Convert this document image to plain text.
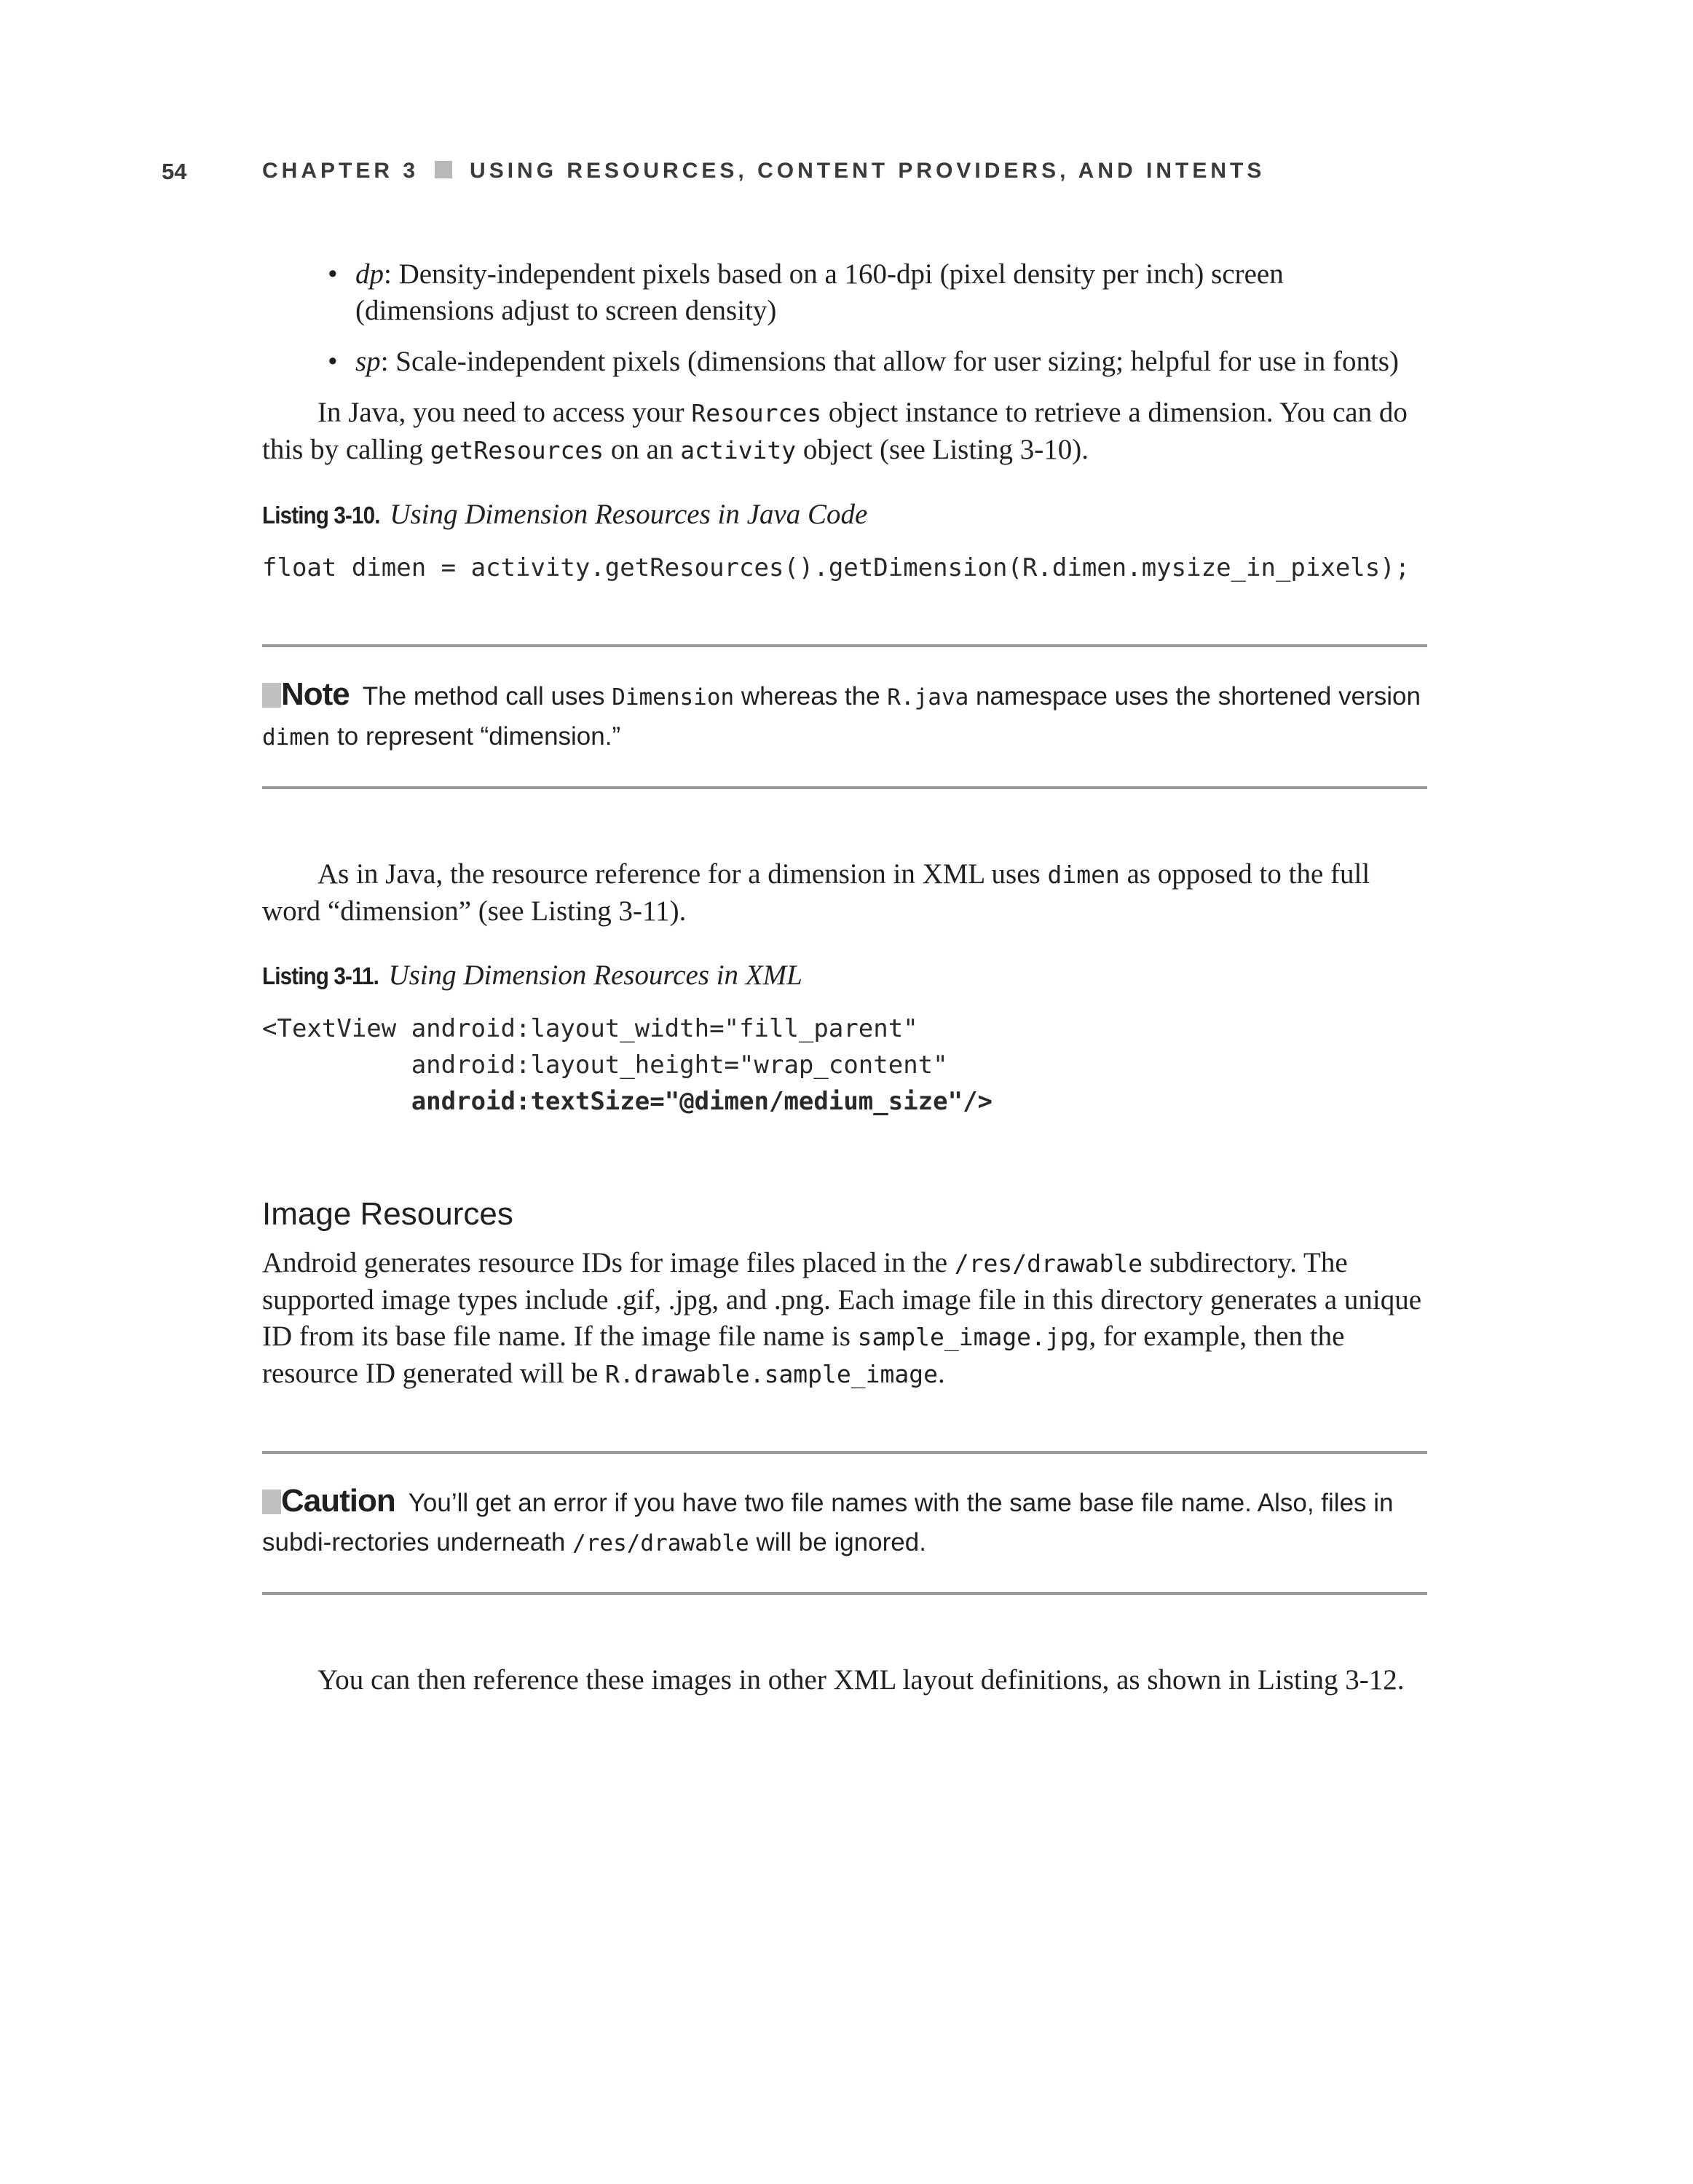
54	CHAPTER 3 USING RESOURCES, CONTENT PROVIDERS, AND INTENTS
• dp: Density-independent pixels based on a 160-dpi (pixel density per inch) screen (dimensions adjust to screen density)
• sp: Scale-independent pixels (dimensions that allow for user sizing; helpful for use in fonts)

In Java, you need to access your Resources object instance to retrieve a dimension. You can do this by calling getResources on an activity object (see Listing 3-10).

Listing 3-10. Using Dimension Resources in Java Code
float dimen = activity.getResources().getDimension(R.dimen.mysize_in_pixels);
Note The method call uses Dimension whereas the R.java namespace uses the shortened version dimen to represent “dimension.”

As in Java, the resource reference for a dimension in XML uses dimen as opposed to the full word “dimension” (see Listing 3-11).

Listing 3-11. Using Dimension Resources in XML
<TextView android:layout_width="fill_parent"
android:layout_height="wrap_content"
android:textSize="@dimen/medium_size"/>
Image Resources

Android generates resource IDs for image files placed in the /res/drawable subdirectory. The supported image types include .gif, .jpg, and .png. Each image file in this directory generates a unique ID from its base file name. If the image file name is sample_image.jpg, for example, then the resource ID generated will be R.drawable.sample_image.

Caution You’ll get an error if you have two file names with the same base file name. Also, files in subdi-rectories underneath /res/drawable will be ignored.

You can then reference these images in other XML layout definitions, as shown in Listing 3-12.
